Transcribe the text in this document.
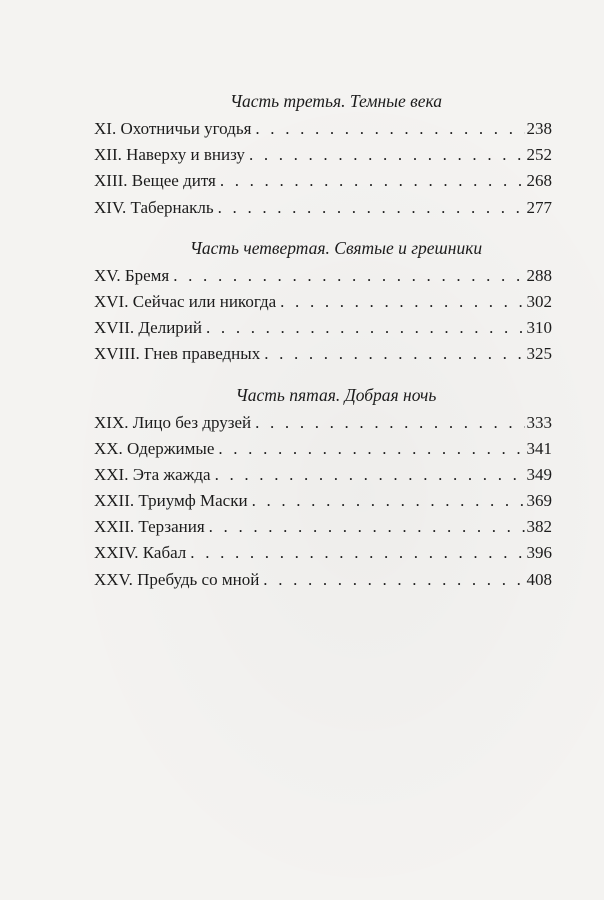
Часть третья. Темные века
XI. Охотничьи угодья . . .	238
XII. Наверху и внизу . . .	252
XIII. Вещее дитя . . .	268
XIV. Табернакль . . .	277
Часть четвертая. Святые и грешники
XV. Бремя . . .	288
XVI. Сейчас или никогда . . .	302
XVII. Делирий . . .	310
XVIII. Гнев праведных . . .	325
Часть пятая. Добрая ночь
XIX. Лицо без друзей . . .	333
XX. Одержимые . . .	341
XXI. Эта жажда . . .	349
XXII. Триумф Маски . . .	369
XXII. Терзания . . .	382
XXIV. Кабал . . .	396
XXV. Пребудь со мной . . .	408
